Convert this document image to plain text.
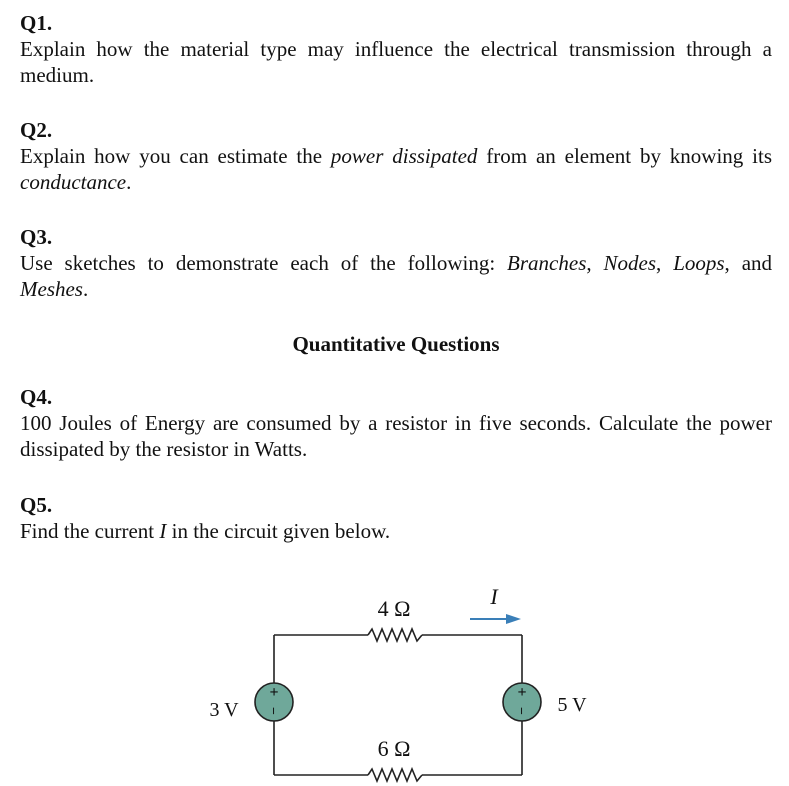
Q1.
Explain how the material type may influence the electrical transmission through a medium.
Q2.
Explain how you can estimate the power dissipated from an element by knowing its conductance.
Q3.
Use sketches to demonstrate each of the following: Branches, Nodes, Loops, and Meshes.
Quantitative Questions
Q4.
100 Joules of Energy are consumed by a resistor in five seconds. Calculate the power dissipated by the resistor in Watts.
Q5.
Find the current I in the circuit given below.
+
−
+
−
4 Ω
6 Ω
3 V	5 V
I
